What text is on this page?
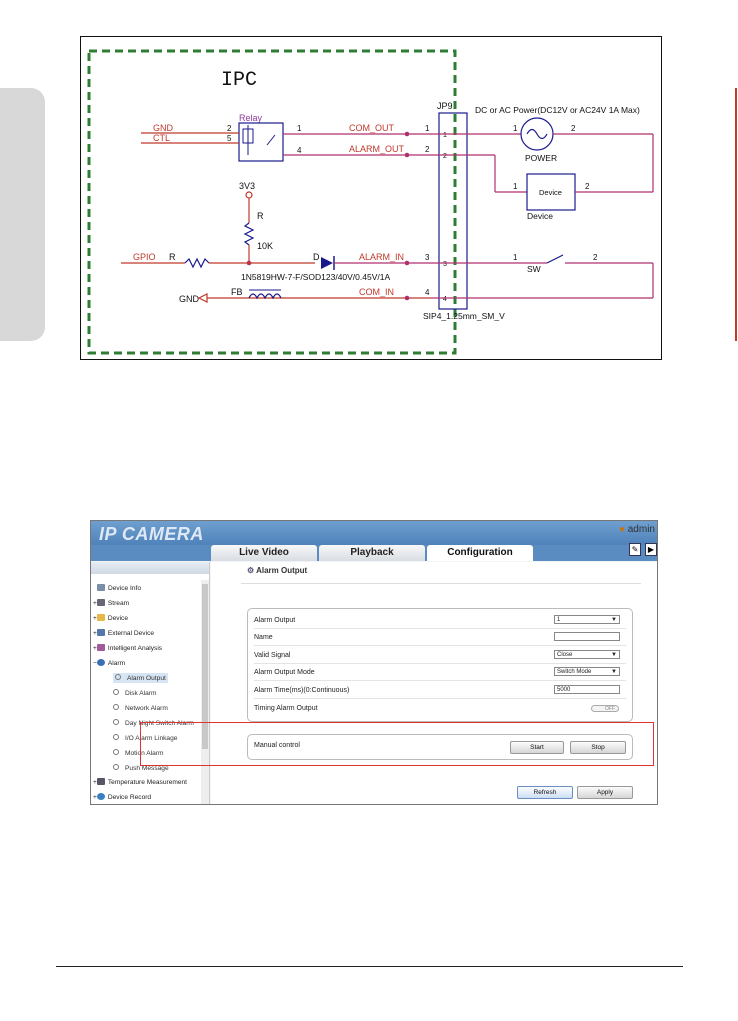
IPC
Relay
GND
CTL
2
5
1
4
COM_OUT
ALARM_OUT
3V3
R
10K
GPIO R	D
1N5819HW-7-F/SOD123/40V/0.45V/1A
ALARM_IN
GND
FB	COM_IN
JP9
1
2
3
4
1
2
3
4
SIP4_1.25mm_SM_V
1
DC or AC Power(DC12V or AC24V 1A Max)
POWER
2
1
Device
Device
2
1
SW
2
IP CAMERA	● admin
Live Video	Playback	Configuration	✎	▶
Device Info
+ Stream
+ Device
+ External Device
+ Intelligent Analysis
− Alarm
Alarm Output
Disk Alarm
Network Alarm
Day Night Switch Alarm
I/O Alarm Linkage
Motion Alarm
Push Message
+ Temperature Measurement
+ Device Record
⚙ Alarm Output
Alarm Output	1	▼
Name
Valid Signal	Close	▼
Alarm Output Mode	Switch Mode	▼
Alarm Time(ms)(0:Continuous)	5000
Timing Alarm Output	OFF
Manual control	Start	Stop
Refresh	Apply
